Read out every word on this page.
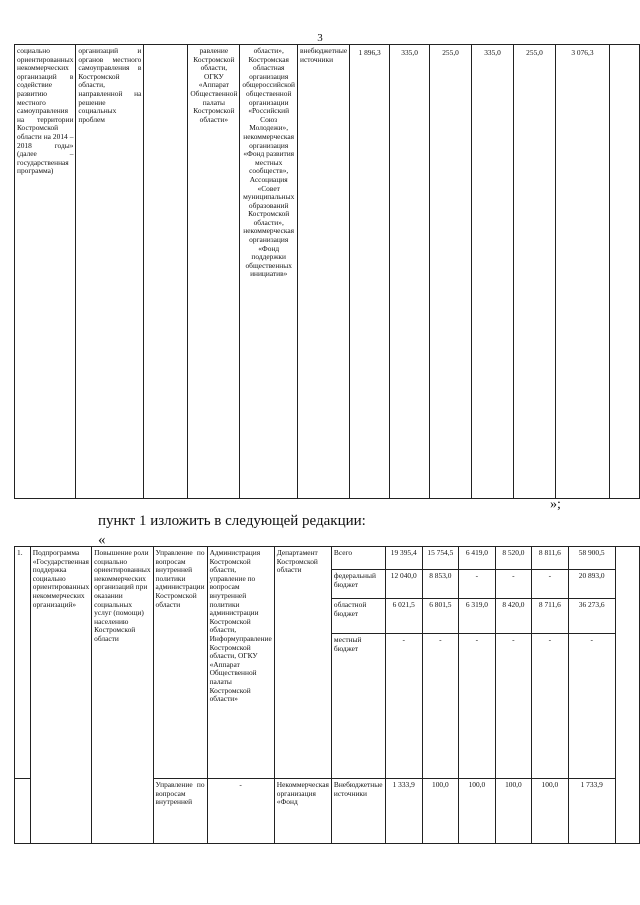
3
социально ориентированных некоммерческих организаций в содействие развитию местного самоуправления на территории Костромской области на 2014 – 2018 годы» (далее – государственная программа)	организаций и органов местного самоуправления в Костромской области, направленной на решение социальных проблем		равление Костромской области, ОГКУ «Аппарат Общественной палаты Костромской области»	области», Костромская областная организация общероссийской общественной организации «Российский Союз Молодежи», некоммерческая организация «Фонд развития местных сообществ», Ассоциация «Совет муниципальных образований Костромской области», некоммерческая организация «Фонд поддержки общественных инициатив»	внебюджетные источники	1 896,3	335,0	255,0	335,0	255,0	3 076,3	
»;
пункт 1 изложить в следующей редакции:
«
1.	Подпрограмма «Государственная поддержка социально ориентированных некоммерческих организаций»	Повышение роли социально ориентированных некоммерческих организаций при оказании социальных услуг (помощи) населению Костромской области	Управление по вопросам внутренней политики администрации Костромской области	Администрация Костромской области, управление по вопросам внутренней политики администрации Костромской области, Информуправление Костромской области, ОГКУ «Аппарат Общественной палаты Костромской области»	Департамент Костромской области	Всего	19 395,4	15 754,5	6 419,0	8 520,0	8 811,6	58 900,5	
						федеральный бюджет	12 040,0	8 853,0	-	-	-	20 893,0	
						областной бюджет	6 021,5	6 801,5	6 319,0	8 420,0	8 711,6	36 273,6	
						местный бюджет	-	-	-	-	-	-	
			Управление по вопросам внутренней	-	Некоммерческая организация «Фонд	Внебюджетные источники	1 333,9	100,0	100,0	100,0	100,0	1 733,9	
